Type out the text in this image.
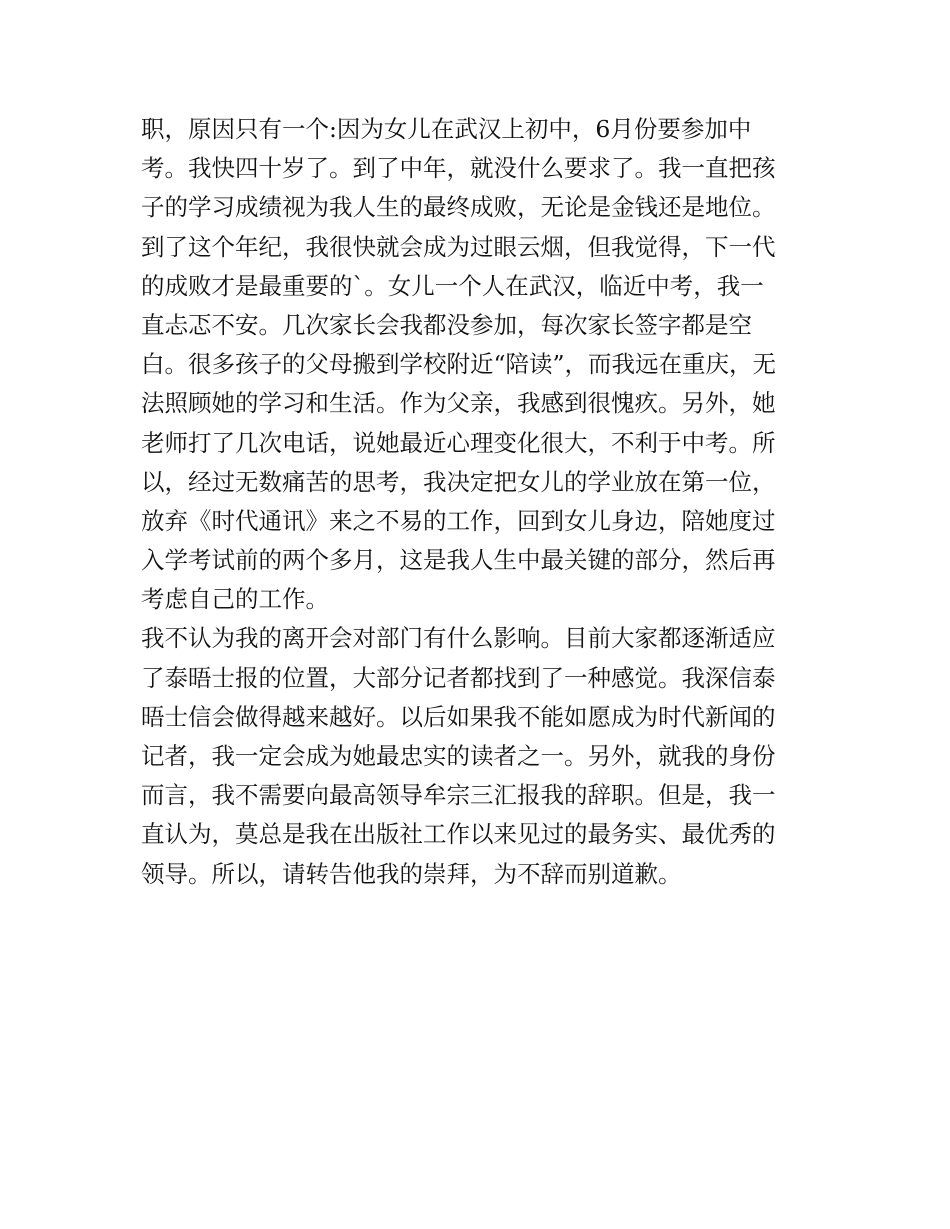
职，原因只有一个:因为女儿在武汉上初中，6月份要参加中
考。我快四十岁了。到了中年，就没什么要求了。我一直把孩
子的学习成绩视为我人生的最终成败，无论是金钱还是地位。
到了这个年纪，我很快就会成为过眼云烟，但我觉得，下一代
的成败才是最重要的`。女儿一个人在武汉，临近中考，我一
直忐忑不安。几次家长会我都没参加，每次家长签字都是空
白。很多孩子的父母搬到学校附近“陪读”，而我远在重庆，无
法照顾她的学习和生活。作为父亲，我感到很愧疚。另外，她
老师打了几次电话，说她最近心理变化很大，不利于中考。所
以，经过无数痛苦的思考，我决定把女儿的学业放在第一位，
放弃《时代通讯》来之不易的工作，回到女儿身边，陪她度过
入学考试前的两个多月，这是我人生中最关键的部分，然后再
考虑自己的工作。
我不认为我的离开会对部门有什么影响。目前大家都逐渐适应
了泰晤士报的位置，大部分记者都找到了一种感觉。我深信泰
晤士信会做得越来越好。以后如果我不能如愿成为时代新闻的
记者，我一定会成为她最忠实的读者之一。另外，就我的身份
而言，我不需要向最高领导牟宗三汇报我的辞职。但是，我一
直认为，莫总是我在出版社工作以来见过的最务实、最优秀的
领导。所以，请转告他我的崇拜，为不辞而别道歉。
